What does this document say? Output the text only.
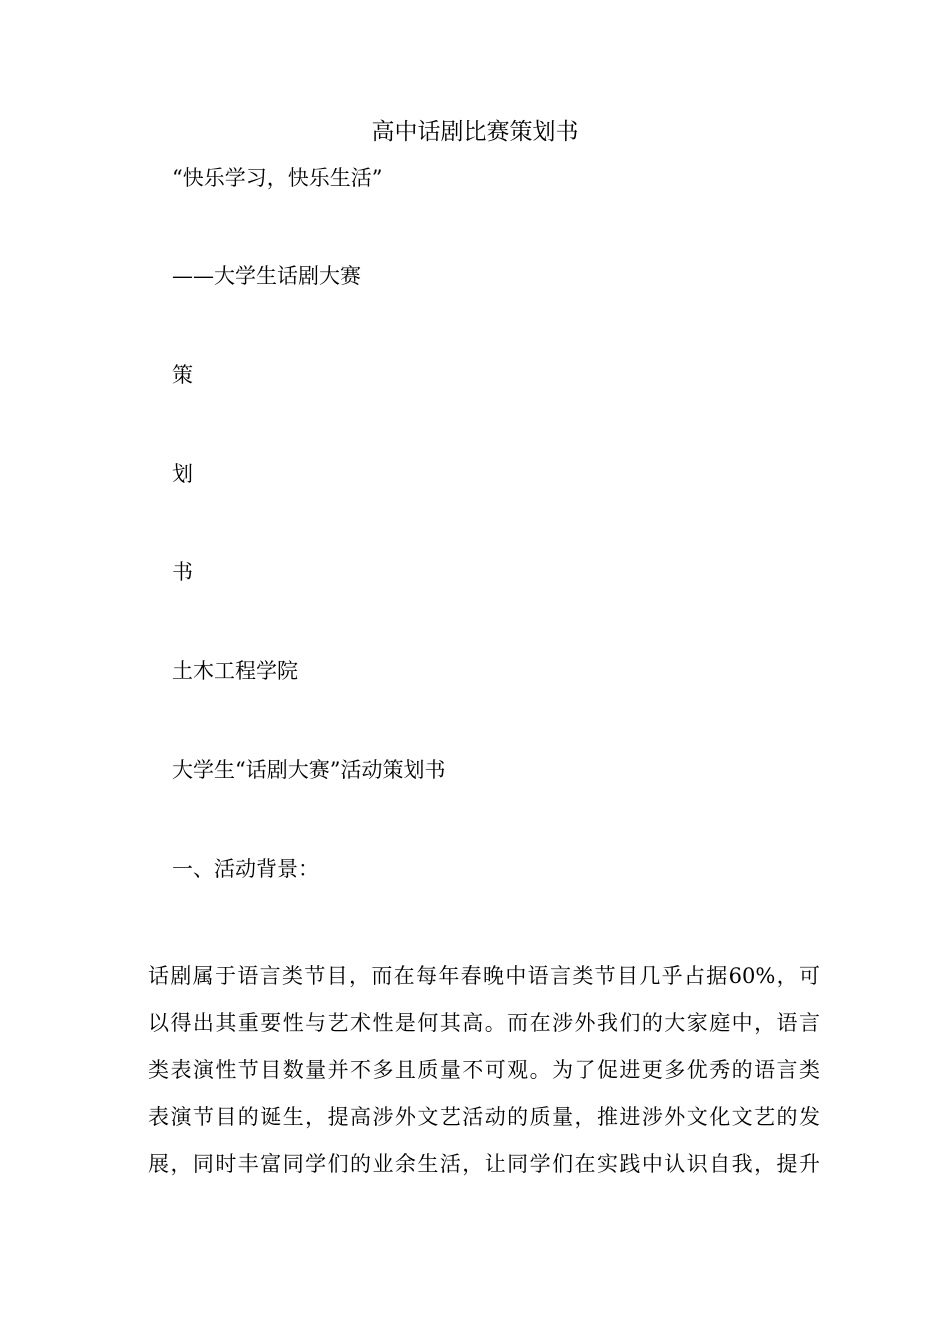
高中话剧比赛策划书
“快乐学习，快乐生活”
——大学生话剧大赛
策
划
书
土木工程学院
大学生“话剧大赛”活动策划书
一、活动背景：
话剧属于语言类节目，而在每年春晚中语言类节目几乎占据60%，可
以得出其重要性与艺术性是何其高。而在涉外我们的大家庭中，语言
类表演性节目数量并不多且质量不可观。为了促进更多优秀的语言类
表演节目的诞生，提高涉外文艺活动的质量，推进涉外文化文艺的发
展，同时丰富同学们的业余生活，让同学们在实践中认识自我，提升
